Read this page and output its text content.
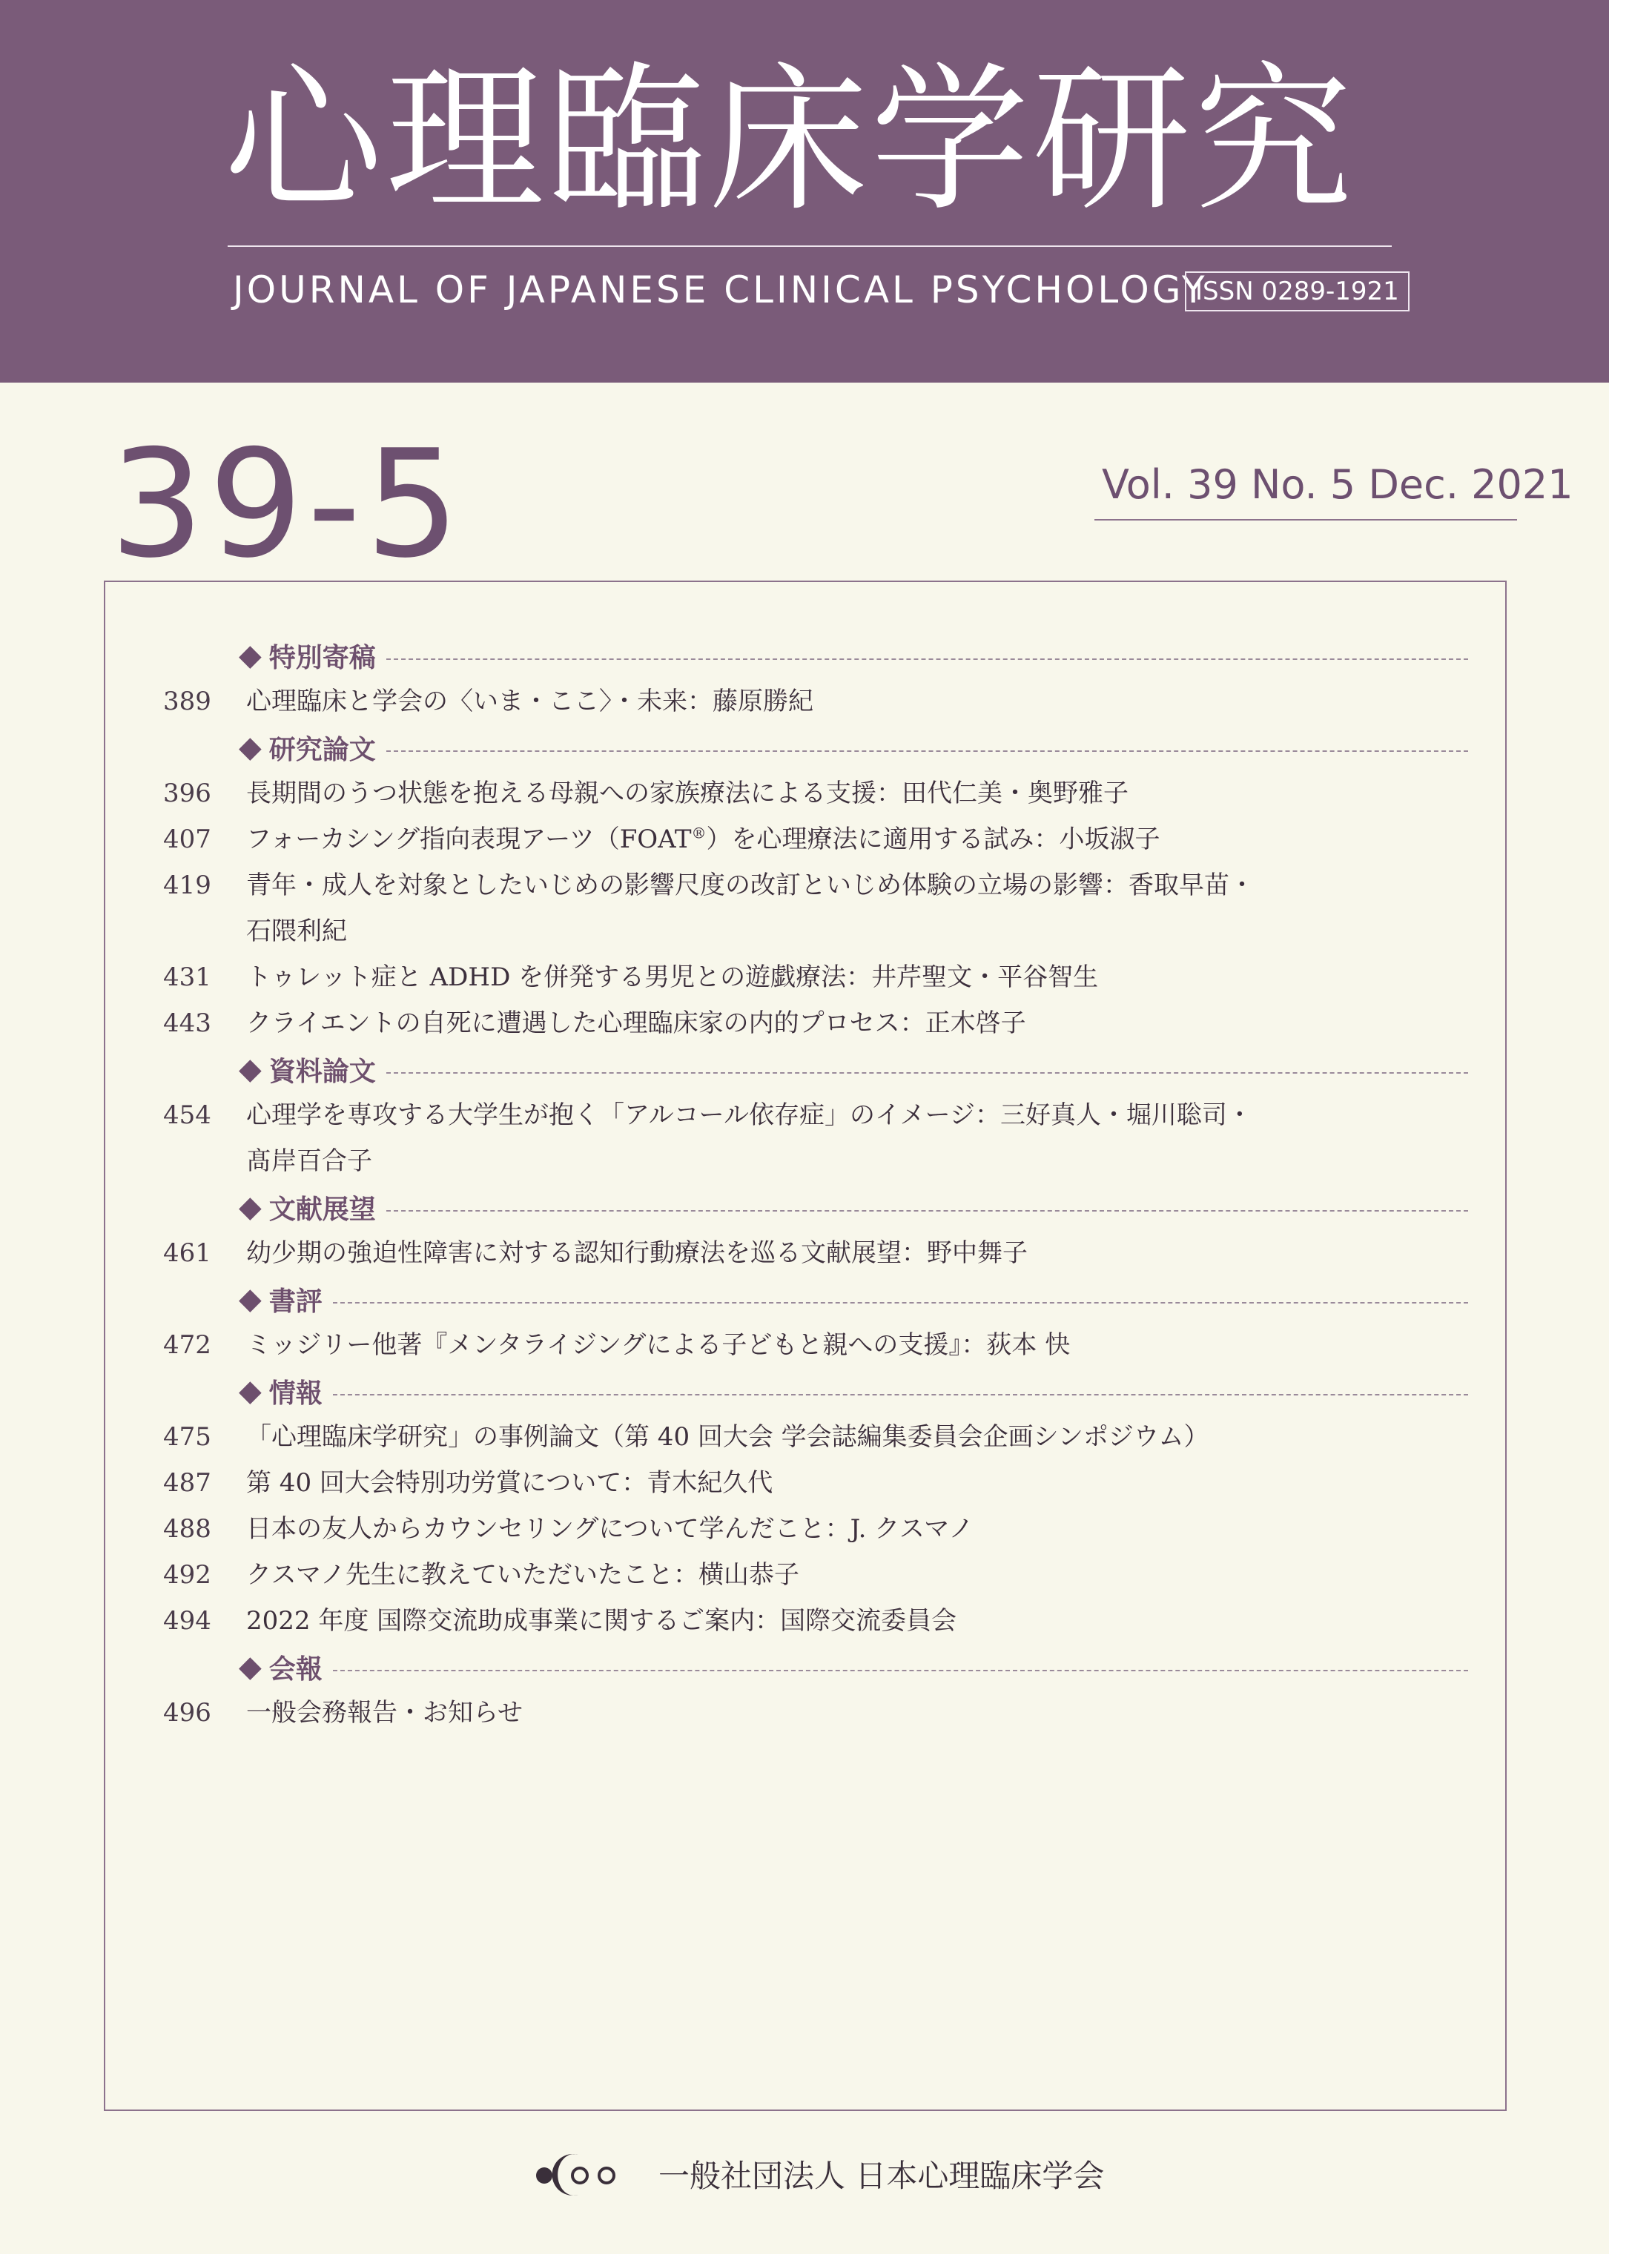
心理臨床学研究
JOURNAL OF JAPANESE CLINICAL PSYCHOLOGY
ISSN 0289-1921
39-5	Vol. 39 No. 5 Dec. 2021
◆ 特別寄稿
389	心理臨床と学会の〈いま・ここ〉・未来：藤原勝紀
◆ 研究論文
396	長期間のうつ状態を抱える母親への家族療法による支援：田代仁美・奥野雅子
407	フォーカシング指向表現アーツ（FOAT®）を心理療法に適用する試み：小坂淑子
419	青年・成人を対象としたいじめの影響尺度の改訂といじめ体験の立場の影響：香取早苗・
石隈利紀
431	トゥレット症と ADHD を併発する男児との遊戯療法：井芹聖文・平谷智生
443	クライエントの自死に遭遇した心理臨床家の内的プロセス：正木啓子
◆ 資料論文
454	心理学を専攻する大学生が抱く「アルコール依存症」のイメージ：三好真人・堀川聡司・
髙岸百合子
◆ 文献展望
461	幼少期の強迫性障害に対する認知行動療法を巡る文献展望：野中舞子
◆ 書評
472	ミッジリー他著『メンタライジングによる子どもと親への支援』：荻本 快
◆ 情報
475	「心理臨床学研究」の事例論文（第 40 回大会 学会誌編集委員会企画シンポジウム）
487	第 40 回大会特別功労賞について：青木紀久代
488	日本の友人からカウンセリングについて学んだこと：J. クスマノ
492	クスマノ先生に教えていただいたこと：横山恭子
494	2022 年度 国際交流助成事業に関するご案内：国際交流委員会
◆ 会報
496	一般会務報告・お知らせ
一般社団法人 日本心理臨床学会
